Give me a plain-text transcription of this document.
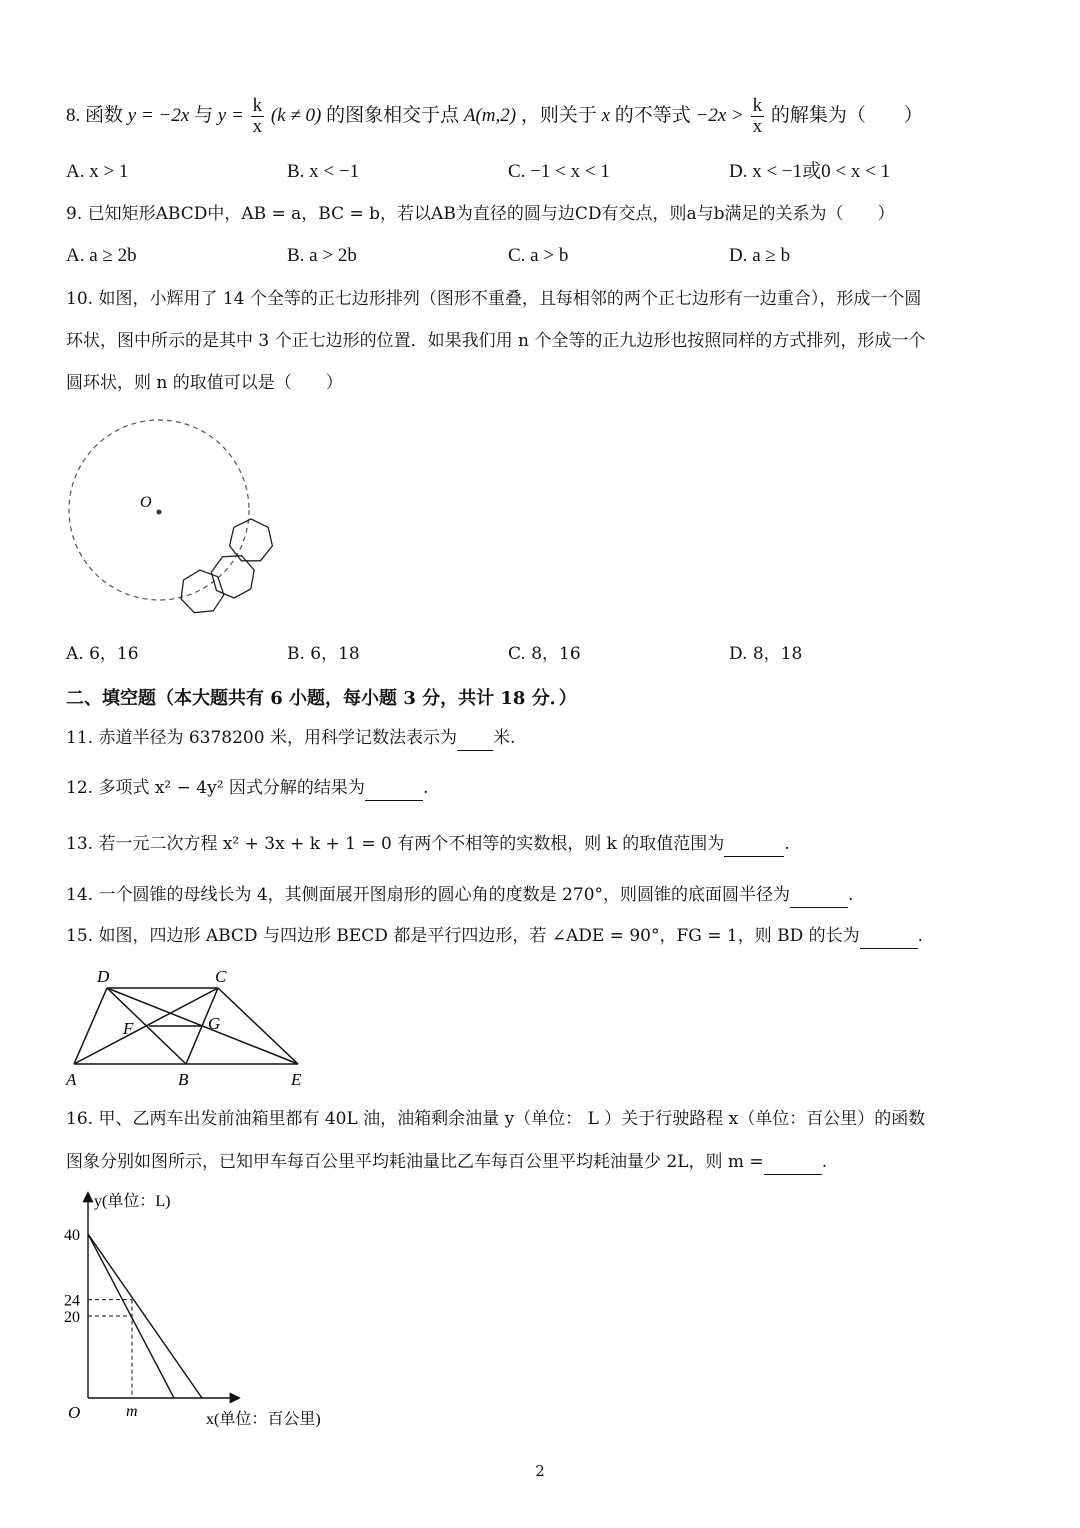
8. 函数 y = −2x 与 $y = \frac{k}{x} (k \ne 0)$ 的图象相交于点 A(m,2) ，则关于 x 的不等式 $-2x > \frac{k}{x}$ 的解集为（　　）
A. x > 1	B. x < −1	C. −1 < x < 1	D. x < −1或0 < x < 1
9. 已知矩形ABCD中，AB = a，BC = b，若以AB为直径的圆与边CD有交点，则a与b满足的关系为（　　）
A. a ≥ 2b	B. a > 2b	C. a > b	D. a ≥ b
10. 如图，小辉用了 14 个全等的正七边形排列（图形不重叠，且每相邻的两个正七边形有一边重合），形成一个圆
环状，图中所示的是其中 3 个正七边形的位置．如果我们用 n 个全等的正九边形也按照同样的方式排列，形成一个
圆环状，则 n 的取值可以是（　　）
O
A. 6，16	B. 6，18	C. 8，16	D. 8，18
二、填空题（本大题共有 6 小题，每小题 3 分，共计 18 分．）
11. 赤道半径为 6378200 米，用科学记数法表示为 米.
12. 多项式 x² − 4y² 因式分解的结果为	.
13. 若一元二次方程 x² + 3x + k + 1 = 0 有两个不相等的实数根，则 k 的取值范围为	.
14. 一个圆锥的母线长为 4，其侧面展开图扇形的圆心角的度数是 270°，则圆锥的底面圆半径为	.
15. 如图，四边形 ABCD 与四边形 BECD 都是平行四边形，若 ∠ADE = 90°，FG = 1，则 BD 的长为	.
D	C
F	G
A	B	E
16. 甲、乙两车出发前油箱里都有 40L 油，油箱剩余油量 y（单位： L ）关于行驶路程 x（单位：百公里）的函数
图象分别如图所示，已知甲车每百公里平均耗油量比乙车每百公里平均耗油量少 2L，则 m =	.
y(单位：L)
x(单位：百公里)
O	m
40
24
20
2
